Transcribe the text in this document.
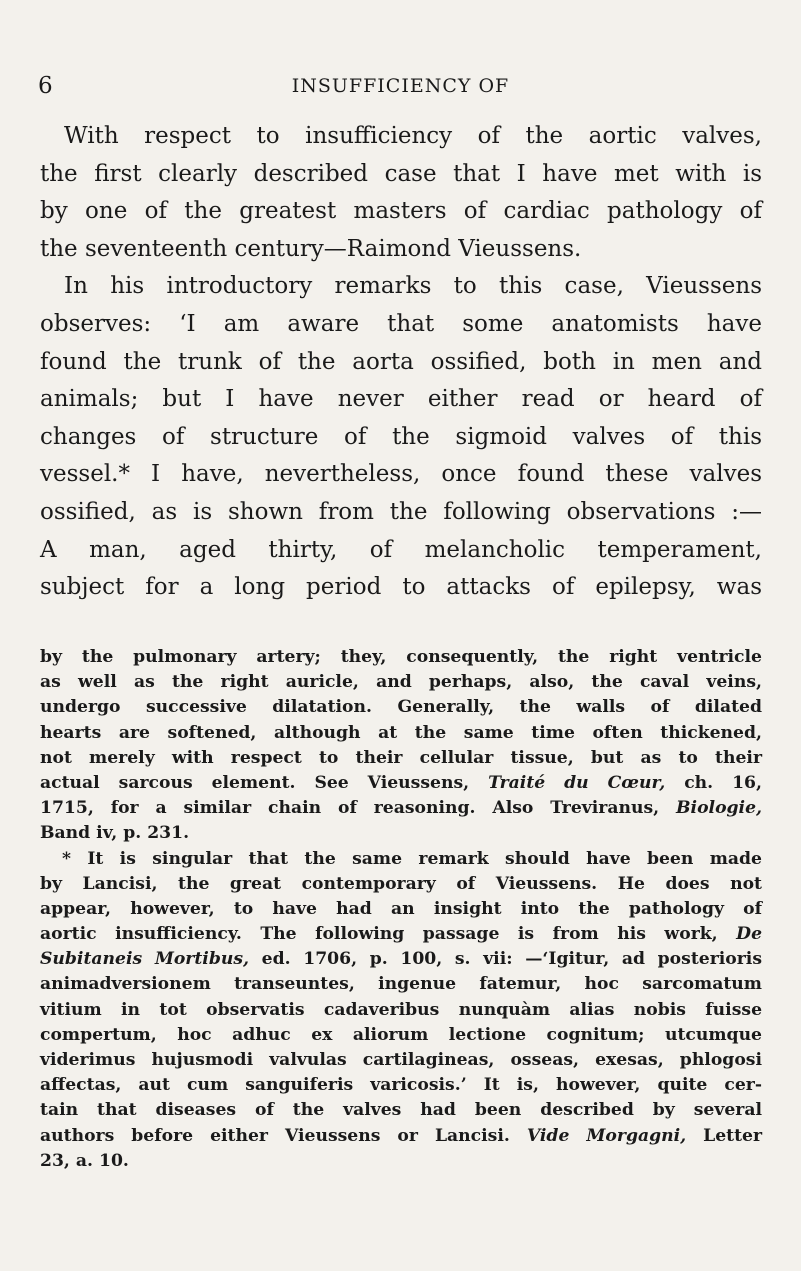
6	INSUFFICIENCY OF
With respect to insufficiency of the aortic valves,
the first clearly described case that I have met with is
by one of the greatest masters of cardiac pathology of
the seventeenth century—Raimond Vieussens.
In his introductory remarks to this case, Vieussens
observes: ‘I am aware that some anatomists have
found the trunk of the aorta ossified, both in men and
animals; but I have never either read or heard of
changes of structure of the sigmoid valves of this
vessel.* I have, nevertheless, once found these valves
ossified, as is shown from the following observations :—
A man, aged thirty, of melancholic temperament,
subject for a long period to attacks of epilepsy, was
by the pulmonary artery; they, consequently, the right ventricle
as well as the right auricle, and perhaps, also, the caval veins,
undergo successive dilatation. Generally, the walls of dilated
hearts are softened, although at the same time often thickened,
not merely with respect to their cellular tissue, but as to their
actual sarcous element. See Vieussens, Traité du Cœur, ch. 16,
1715, for a similar chain of reasoning. Also Treviranus, Biologie,
Band iv, p. 231.
* It is singular that the same remark should have been made
by Lancisi, the great contemporary of Vieussens. He does not
appear, however, to have had an insight into the pathology of
aortic insufficiency. The following passage is from his work, De
Subitaneis Mortibus, ed. 1706, p. 100, s. vii: —‘Igitur, ad posterioris
animadversionem transeuntes, ingenue fatemur, hoc sarcomatum
vitium in tot observatis cadaveribus nunquàm alias nobis fuisse
compertum, hoc adhuc ex aliorum lectione cognitum; utcumque
viderimus hujusmodi valvulas cartilagineas, osseas, exesas, phlogosi
affectas, aut cum sanguiferis varicosis.’ It is, however, quite cer-
tain that diseases of the valves had been described by several
authors before either Vieussens or Lancisi. Vide Morgagni, Letter
23, a. 10.
